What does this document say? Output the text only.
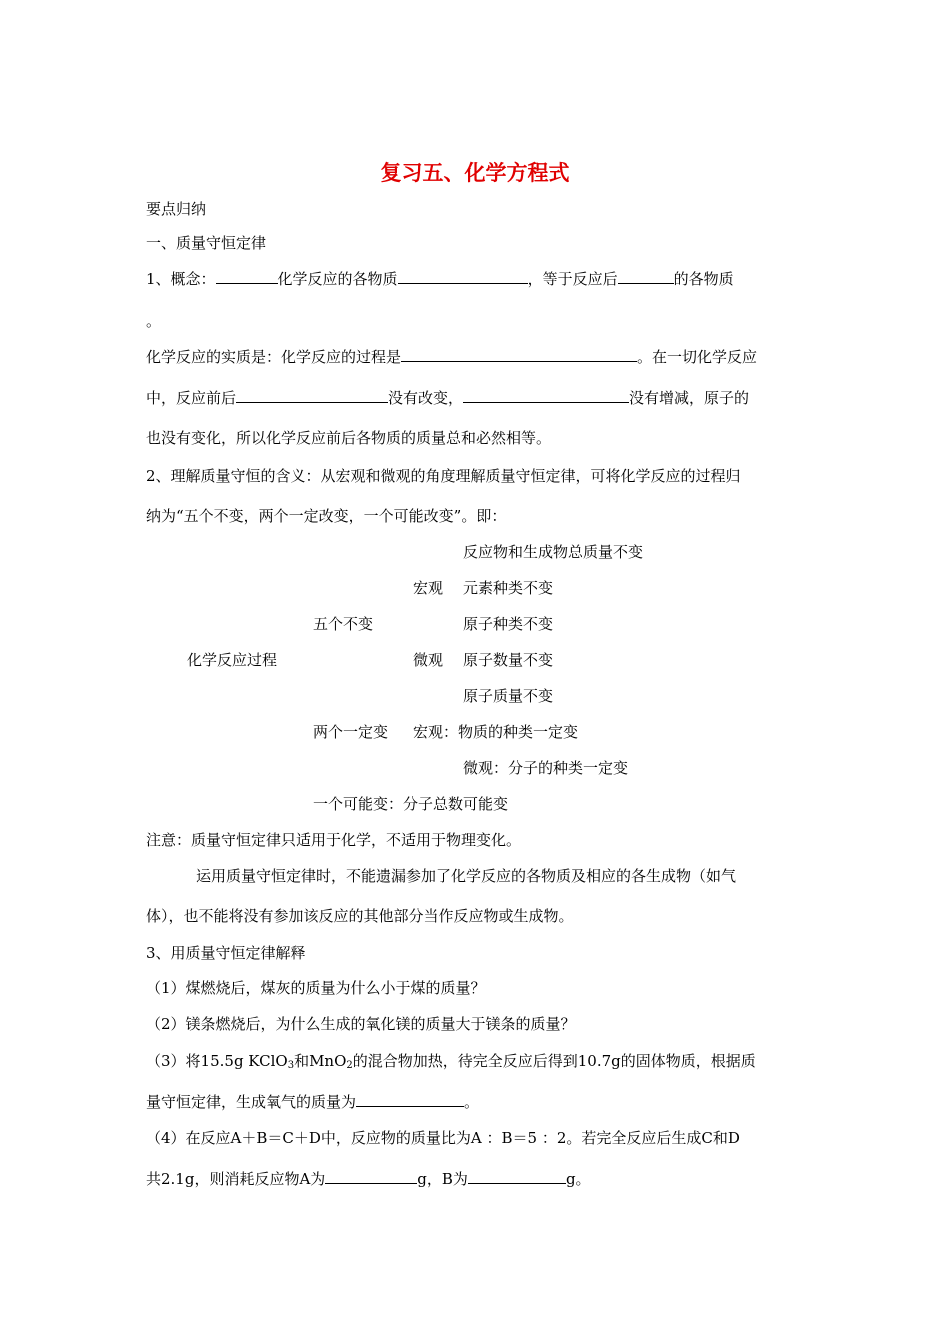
复习五、化学方程式
要点归纳
一、质量守恒定律
1、概念：	化学反应的各物质	，等于反应后	的各物质
。
化学反应的实质是：化学反应的过程是	。在一切化学反应
中，反应前后	没有改变，	没有增减，原子的
也没有变化，所以化学反应前后各物质的质量总和必然相等。
2、理解质量守恒的含义：从宏观和微观的角度理解质量守恒定律，可将化学反应的过程归
纳为“五个不变，两个一定改变，一个可能改变”。即：
反应物和生成物总质量不变
宏观 元素种类不变
五个不变	原子种类不变
化学反应过程	微观 原子数量不变
原子质量不变
两个一定变 宏观：物质的种类一定变
微观：分子的种类一定变
一个可能变：分子总数可能变
注意：质量守恒定律只适用于化学，不适用于物理变化。
运用质量守恒定律时，不能遗漏参加了化学反应的各物质及相应的各生成物（如气
体），也不能将没有参加该反应的其他部分当作反应物或生成物。
3、用质量守恒定律解释
（1）煤燃烧后，煤灰的质量为什么小于煤的质量？
（2）镁条燃烧后，为什么生成的氧化镁的质量大于镁条的质量？
（3）将15.5g KClO$_3$和MnO$_2$的混合物加热，待完全反应后得到10.7g的固体物质，根据质
量守恒定律，生成氧气的质量为	。
（4）在反应A＋B＝C＋D中，反应物的质量比为A ：B＝5 ：2。若完全反应后生成C和D
共2.1g，则消耗反应物A为	g，B为	g。
